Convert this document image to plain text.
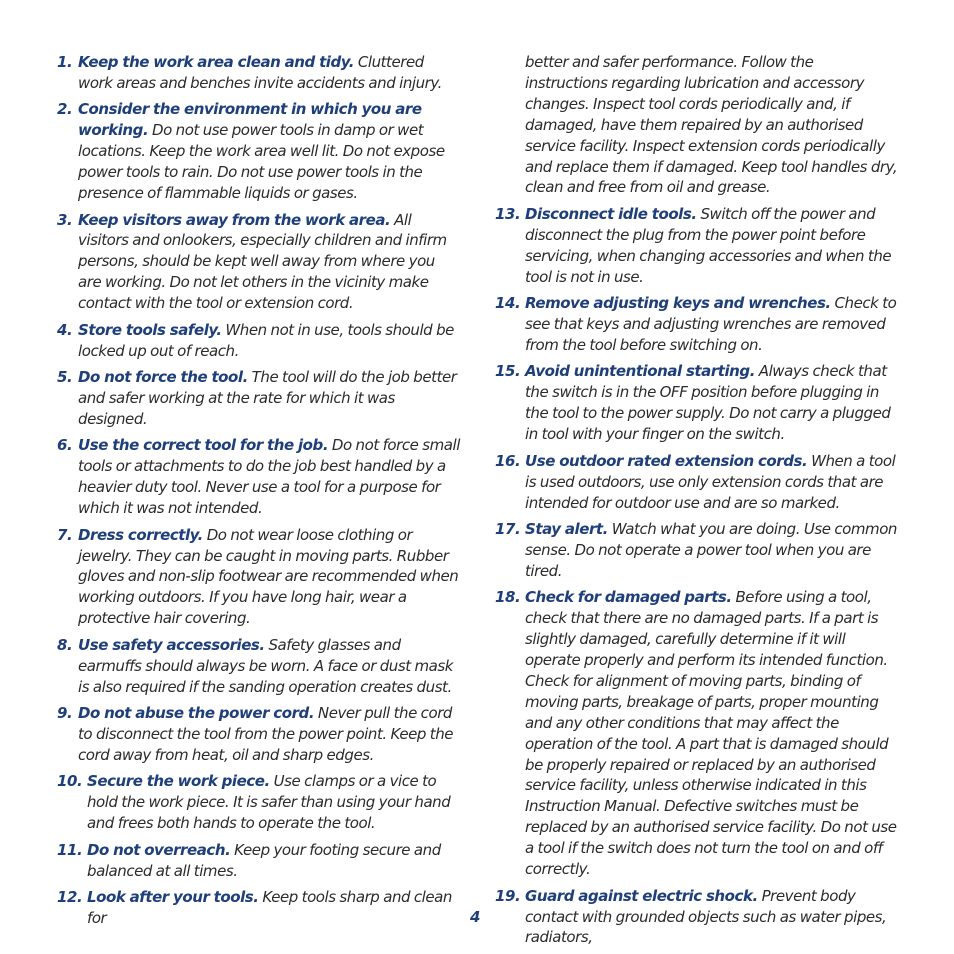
1. Keep the work area clean and tidy. Cluttered work areas and benches invite accidents and injury.
2. Consider the environment in which you are working. Do not use power tools in damp or wet locations. Keep the work area well lit. Do not expose power tools to rain. Do not use power tools in the presence of flammable liquids or gases.
3. Keep visitors away from the work area. All visitors and onlookers, especially children and infirm persons, should be kept well away from where you are working. Do not let others in the vicinity make contact with the tool or extension cord.
4. Store tools safely. When not in use, tools should be locked up out of reach.
5. Do not force the tool. The tool will do the job better and safer working at the rate for which it was designed.
6. Use the correct tool for the job. Do not force small tools or attachments to do the job best handled by a heavier duty tool. Never use a tool for a purpose for which it was not intended.
7. Dress correctly. Do not wear loose clothing or jewelry. They can be caught in moving parts. Rubber gloves and non-slip footwear are recommended when working outdoors. If you have long hair, wear a protective hair covering.
8. Use safety accessories. Safety glasses and earmuffs should always be worn. A face or dust mask is also required if the sanding operation creates dust.
9. Do not abuse the power cord. Never pull the cord to disconnect the tool from the power point. Keep the cord away from heat, oil and sharp edges.
10. Secure the work piece. Use clamps or a vice to hold the work piece. It is safer than using your hand and frees both hands to operate the tool.
11. Do not overreach. Keep your footing secure and balanced at all times.
12. Look after your tools. Keep tools sharp and clean for
better and safer performance. Follow the instructions regarding lubrication and accessory changes. Inspect tool cords periodically and, if damaged, have them repaired by an authorised service facility. Inspect extension cords periodically and replace them if damaged. Keep tool handles dry, clean and free from oil and grease.
13. Disconnect idle tools. Switch off the power and disconnect the plug from the power point before servicing, when changing accessories and when the tool is not in use.
14. Remove adjusting keys and wrenches. Check to see that keys and adjusting wrenches are removed from the tool before switching on.
15. Avoid unintentional starting. Always check that the switch is in the OFF position before plugging in the tool to the power supply. Do not carry a plugged in tool with your finger on the switch.
16. Use outdoor rated extension cords. When a tool is used outdoors, use only extension cords that are intended for outdoor use and are so marked.
17. Stay alert. Watch what you are doing. Use common sense. Do not operate a power tool when you are tired.
18. Check for damaged parts. Before using a tool, check that there are no damaged parts. If a part is slightly damaged, carefully determine if it will operate properly and perform its intended function. Check for alignment of moving parts, binding of moving parts, breakage of parts, proper mounting and any other conditions that may affect the operation of the tool. A part that is damaged should be properly repaired or replaced by an authorised service facility, unless otherwise indicated in this Instruction Manual. Defective switches must be replaced by an authorised service facility. Do not use a tool if the switch does not turn the tool on and off correctly.
19. Guard against electric shock. Prevent body contact with grounded objects such as water pipes, radiators,
4
